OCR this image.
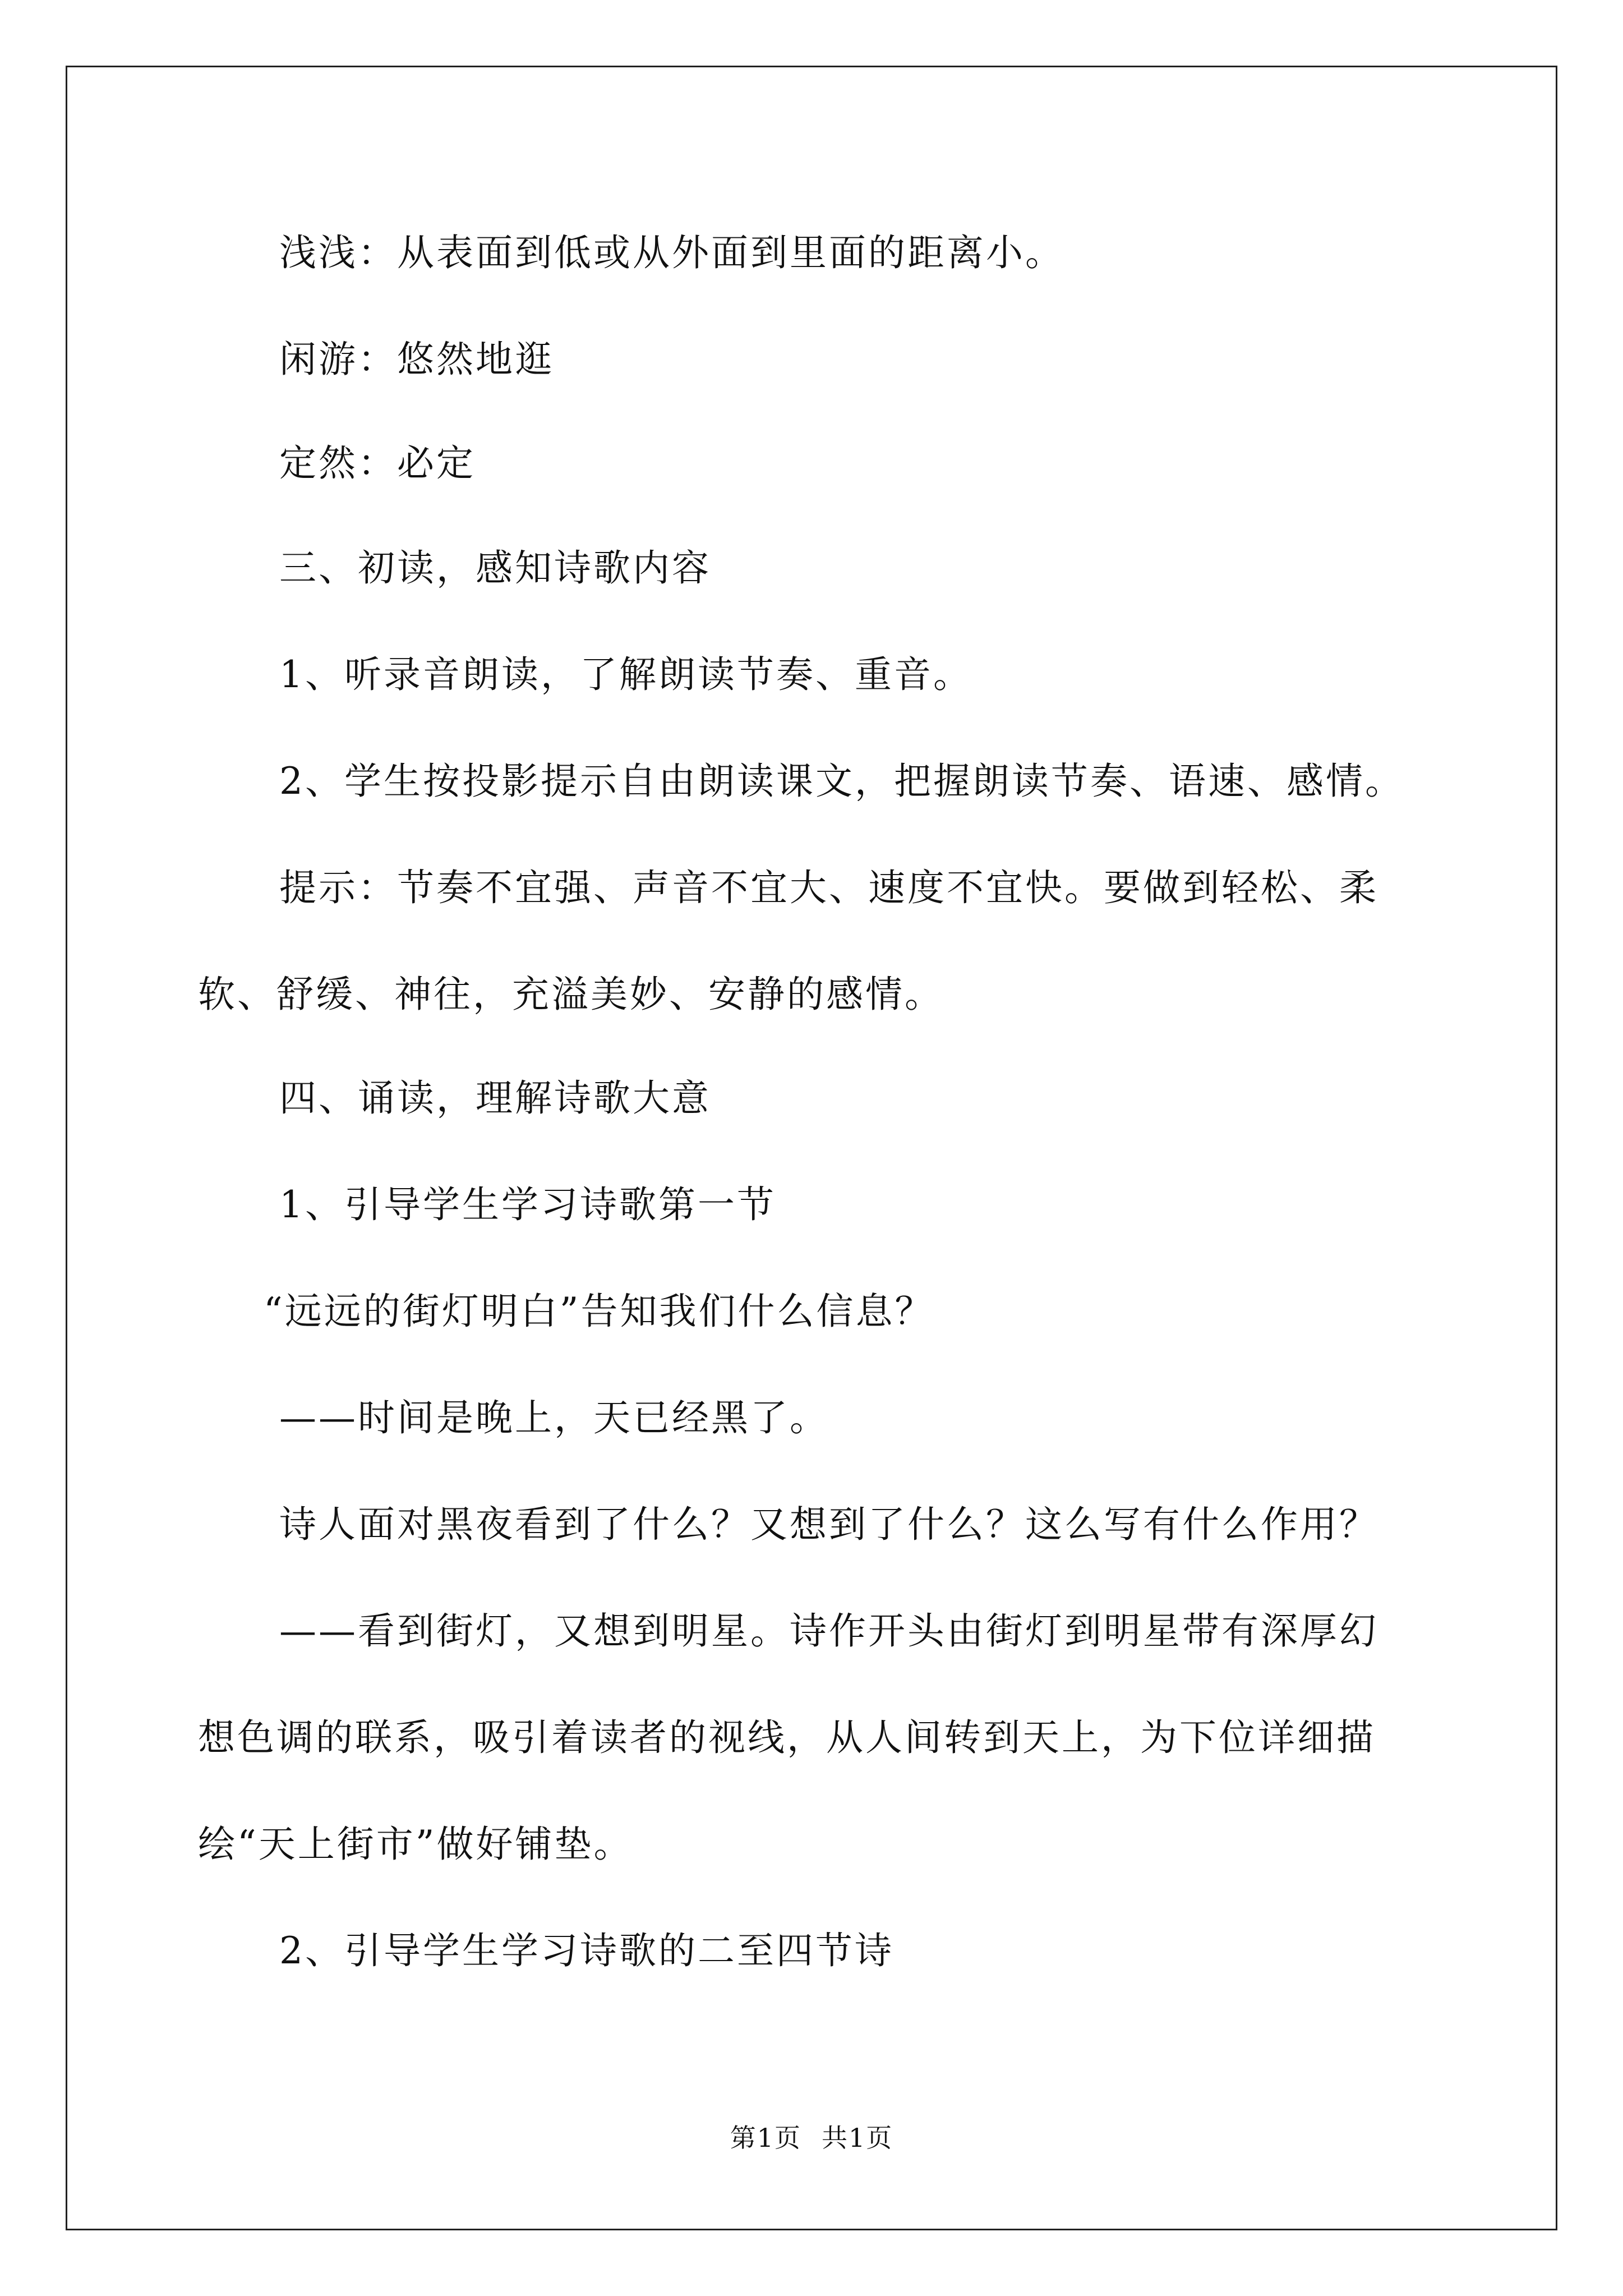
浅浅：从表面到低或从外面到里面的距离小。
闲游：悠然地逛
定然：必定
三、初读，感知诗歌内容
1、听录音朗读，了解朗读节奏、重音。
2、学生按投影提示自由朗读课文，把握朗读节奏、语速、感情。
提示：节奏不宜强、声音不宜大、速度不宜快。要做到轻松、柔
软、舒缓、神往，充溢美妙、安静的感情。
四、诵读，理解诗歌大意
1、引导学生学习诗歌第一节
“远远的街灯明白”告知我们什么信息？
——时间是晚上，天已经黑了。
诗人面对黑夜看到了什么？又想到了什么？这么写有什么作用？
——看到街灯，又想到明星。诗作开头由街灯到明星带有深厚幻
想色调的联系，吸引着读者的视线，从人间转到天上，为下位详细描
绘“天上街市”做好铺垫。
2、引导学生学习诗歌的二至四节诗
第1页 共1页
